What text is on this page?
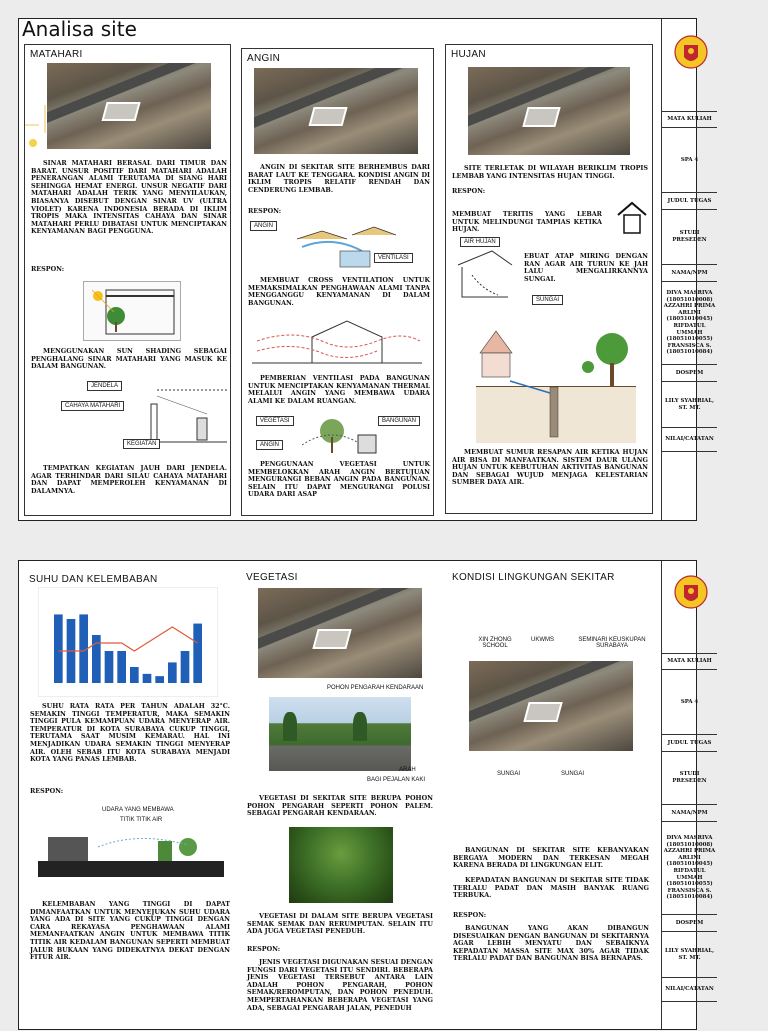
Analisa site
MATAHARI
SINAR MATAHARI BERASAL DARI TIMUR DAN BARAT. UNSUR POSITIF DARI MATAHARI ADALAH PENERANGAN ALAMI TERUTAMA DI SIANG HARI SEHINGGA HEMAT ENERGI. UNSUR NEGATIF DARI MATAHARI ADALAH TERIK YANG MENYILAUKAN, BIASANYA DISEBUT DENGAN SINAR UV (ULTRA VIOLET) KARENA INDONESIA BERADA DI IKLIM TROPIS MAKA INTENSITAS CAHAYA DAN SINAR MATAHARI PERLU DIBATASI UNTUK MENCIPTAKAN KENYAMANAN BAGI PENGGUNA.
RESPON:
MENGGUNAKAN SUN SHADING SEBAGAI PENGHALANG SINAR MATAHARI YANG MASUK KE DALAM BANGUNAN.
JENDELA
CAHAYA MATAHARI
KEGIATAN
TEMPATKAN KEGIATAN JAUH DARI JENDELA. AGAR TERHINDAR DARI SILAU CAHAYA MATAHARI DAN DAPAT MEMPEROLEH KENYAMANAN DI DALAMNYA.
ANGIN
ANGIN DI SEKITAR SITE BERHEMBUS DARI BARAT LAUT KE TENGGARA. KONDISI ANGIN DI IKLIM TROPIS RELATIF RENDAH DAN CENDERUNG LEMBAB.
RESPON:
ANGIN
VENTILASI
MEMBUAT CROSS VENTILATION UNTUK MEMAKSIMALKAN PENGHAWAAN ALAMI TANPA MENGGANGGU KENYAMANAN DI DALAM BANGUNAN.
PEMBERIAN VENTILASI PADA BANGUNAN UNTUK MENCIPTAKAN KENYAMANAN THERMAL MELALUI ANGIN YANG MEMBAWA UDARA ALAMI KE DALAM RUANGAN.
VEGETASI	BANGUNAN
ANGIN
PENGGUNAAN VEGETASI UNTUK MEMBELOKKAN ARAH ANGIN BERTUJUAN MENGURANGI BEBAN ANGIN PADA BANGUNAN. SELAIN ITU DAPAT MENGURANGI POLUSI UDARA DARI ASAP
HUJAN
SITE TERLETAK DI WILAYAH BERIKLIM TROPIS LEMBAB YANG INTENSITAS HUJAN TINGGI.
RESPON:
MEMBUAT TERITIS YANG LEBAR UNTUK MELINDUNGI TAMPIAS KETIKA HUJAN.
AIR HUJAN
EBUAT ATAP MIRING DENGAN RAN AGAR AIR TURUN KE JAH LALU MENGALIRKANNYA SUNGAI.
SUNGAI
MEMBUAT SUMUR RESAPAN AIR KETIKA HUJAN AIR BISA DI MANFAATKAN. SISTEM DAUR ULANG HUJAN UNTUK KEBUTUHAN AKTIVITAS BANGUNAN DAN SEBAGAI WUJUD MENJAGA KELESTARIAN SUMBER DAYA AIR.
MATA KULIAH
SPA 4
JUDUL TUGAS
STUDI PRESEDEN
NAMA/NPM
DIVA MASRIVA (18051010008) AZZAHRI PRIMA ARLINI (18051010045) RIFDATUL UMMAH (18051010055) FRANSISCA S. (18051010084)
DOSPEM
LILY SYAHRIAL, ST. MT.
NILAI/CATATAN
SUHU DAN KELEMBABAN
SUHU RATA RATA PER TAHUN ADALAH 32°C. SEMAKIN TINGGI TEMPERATUR, MAKA SEMAKIN TINGGI PULA KEMAMPUAN UDARA MENYERAP AIR. TEMPERATUR DI KOTA SURABAYA CUKUP TINGGI, TERUTAMA SAAT MUSIM KEMARAU. HAL INI MENJADIKAN UDARA SEMAKIN TINGGI MENYERAP AIR. OLEH SEBAB ITU KOTA SURABAYA MENJADI KOTA YANG PANAS LEMBAB.
RESPON:
UDARA YANG MEMBAWA
TITIK TITIK AIR
KELEMBABAN YANG TINGGI DI DAPAT DIMANFAATKAN UNTUK MENYEJUKAN SUHU UDARA YANG ADA DI SITE YANG CUKUP TINGGI DENGAN CARA REKAYASA PENGHAWAAN ALAMI MEMANFAATKAN ANGIN UNTUK MEMBAWA TITIK TITIK AIR KEDALAM BANGUNAN SEPERTI MEMBUAT JALUR BUKAAN YANG DIDEKATNYA DEKAT DENGAN FITUR AIR.
VEGETASI
POHON PENGARAH KENDARAAN
ARAH
BAGI PEJALAN KAKI
VEGETASI DI SEKITAR SITE BERUPA POHON POHON PENGARAH SEPERTI POHON PALEM. SEBAGAI PENGARAH KENDARAAN.
VEGETASI DI DALAM SITE BERUPA VEGETASI SEMAK SEMAK DAN RERUMPUTAN. SELAIN ITU ADA JUGA VEGETASI PENEDUH.
RESPON:
JENIS VEGETASI DIGUNAKAN SESUAI DENGAN FUNGSI DARI VEGETASI ITU SENDIRI. BEBERAPA JENIS VEGETASI TERSEBUT ANTARA LAIN ADALAH POHON PENGARAH, POHON SEMAK/REROMPUTAN, DAN POHON PENEDUH. MEMPERTAHANKAN BEBERAPA VEGETASI YANG ADA, SEBAGAI PENGARAH JALAN, PENEDUH
KONDISI LINGKUNGAN SEKITAR
XIN ZHONG SCHOOL
UKWMS	SEMINARI KEUSKUPAN SURABAYA
SUNGAI	SUNGAI
BANGUNAN DI SEKITAR SITE KEBANYAKAN BERGAYA MODERN DAN TERKESAN MEGAH KARENA BERADA DI LINGKUNGAN ELIT.
KEPADATAN BANGUNAN DI SEKITAR SITE TIDAK TERLALU PADAT DAN MASIH BANYAK RUANG TERBUKA.
RESPON:
BANGUNAN YANG AKAN DIBANGUN DISESUAIKAN DENGAN BANGUNAN DI SEKITARNYA AGAR LEBIH MENYATU DAN SEBAIKNYA KEPADATAN MASSA SITE MAX 30% AGAR TIDAK TERLALU PADAT DAN BANGUNAN BISA BERNAPAS.
MATA KULIAH
SPA 4
JUDUL TUGAS
STUDI PRESEDEN
NAMA/NPM
DIVA MASRIVA (18051010008) AZZAHRI PRIMA ARLINI (18051010045) RIFDATUL UMMAH (18051010055) FRANSISCA S. (18051010084)
DOSPEM
LILY SYAHRIAL, ST. MT.
NILAI/CATATAN
